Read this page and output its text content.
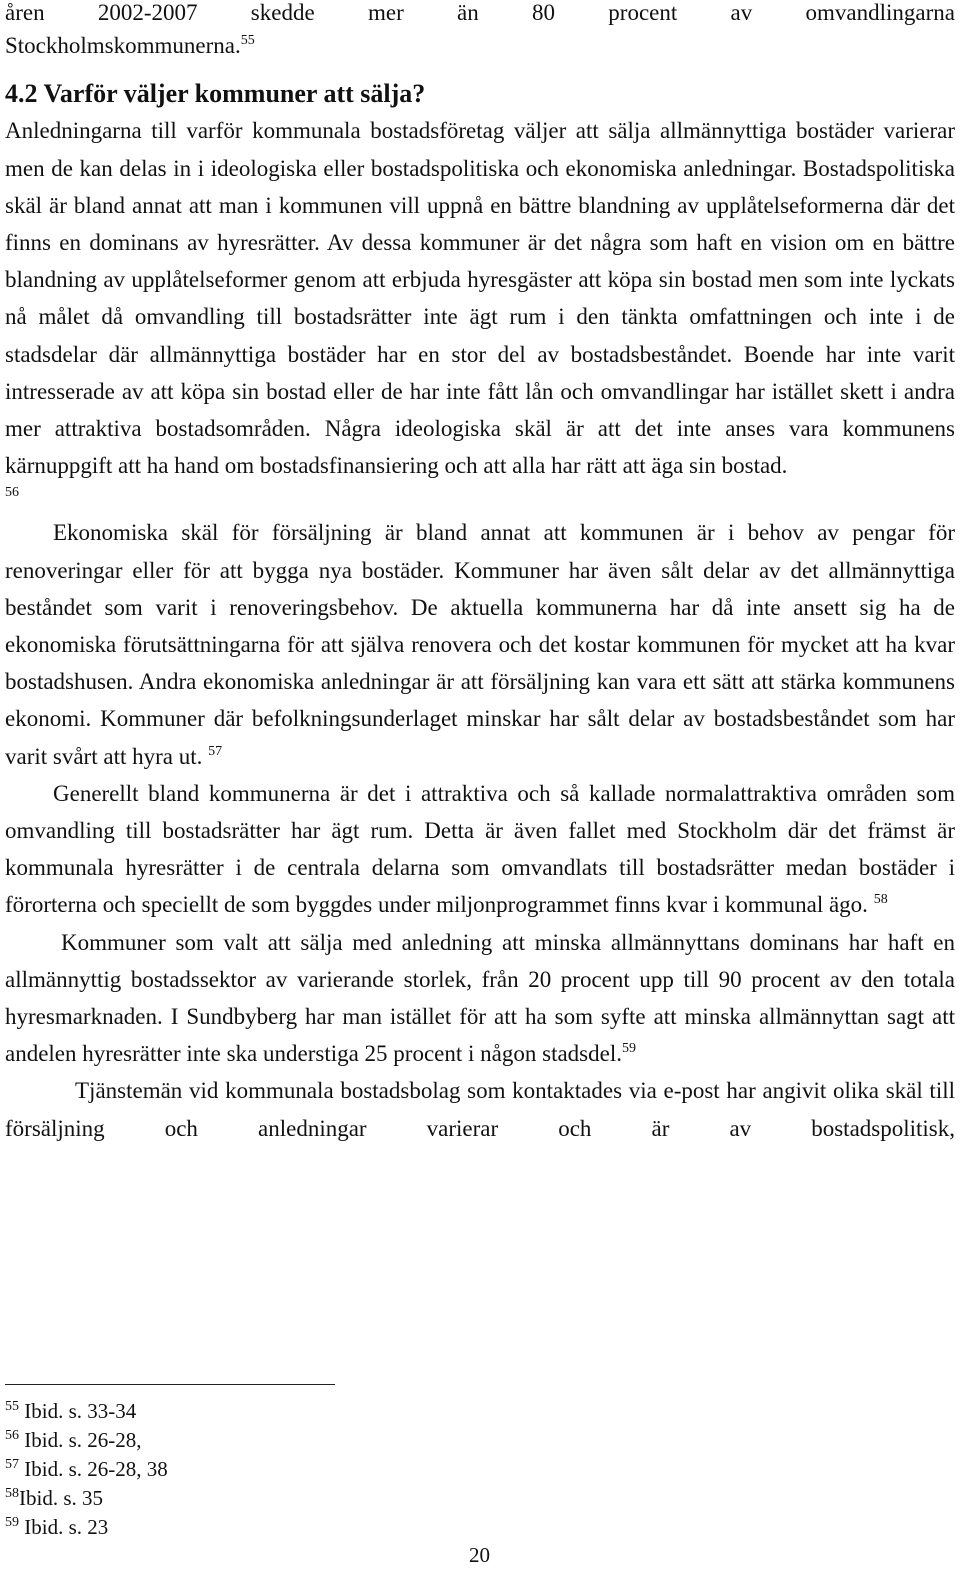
åren 2002-2007 skedde mer än 80 procent av omvandlingarna

Stockholmskommunerna.$^{55}$

4.2 Varför väljer kommuner att sälja?

Anledningarna till varför kommunala bostadsföretag väljer att sälja allmännyttiga bostäder varierar men de kan delas in i ideologiska eller bostadspolitiska och ekonomiska anledningar. Bostadspolitiska skäl är bland annat att man i kommunen vill uppnå en bättre blandning av upplåtelseformerna där det finns en dominans av hyresrätter. Av dessa kommuner är det några som haft en vision om en bättre blandning av upplåtelseformer genom att erbjuda hyresgäster att köpa sin bostad men som inte lyckats nå målet då omvandling till bostadsrätter inte ägt rum i den tänkta omfattningen och inte i de stadsdelar där allmännyttiga bostäder har en stor del av bostadsbeståndet. Boende har inte varit intresserade av att köpa sin bostad eller de har inte fått lån och omvandlingar har istället skett i andra mer attraktiva bostadsområden. Några ideologiska skäl är att det inte anses vara kommunens kärnuppgift att ha hand om bostadsfinansiering och att alla har rätt att äga sin bostad.

56

Ekonomiska skäl för försäljning är bland annat att kommunen är i behov av pengar för renoveringar eller för att bygga nya bostäder. Kommuner har även sålt delar av det allmännyttiga beståndet som varit i renoveringsbehov. De aktuella kommunerna har då inte ansett sig ha de ekonomiska förutsättningarna för att själva renovera och det kostar kommunen för mycket att ha kvar bostadshusen. Andra ekonomiska anledningar är att försäljning kan vara ett sätt att stärka kommunens ekonomi. Kommuner där befolkningsunderlaget minskar har sålt delar av bostadsbeståndet som har varit svårt att hyra ut. $^{57}$

Generellt bland kommunerna är det i attraktiva och så kallade normalattraktiva områden som omvandling till bostadsrätter har ägt rum. Detta är även fallet med Stockholm där det främst är kommunala hyresrätter i de centrala delarna som omvandlats till bostadsrätter medan bostäder i förorterna och speciellt de som byggdes under miljonprogrammet finns kvar i kommunal ägo. $^{58}$

Kommuner som valt att sälja med anledning att minska allmännyttans dominans har haft en allmännyttig bostadssektor av varierande storlek, från 20 procent upp till 90 procent av den totala hyresmarknaden. I Sundbyberg har man istället för att ha som syfte att minska allmännyttan sagt att andelen hyresrätter inte ska understiga 25 procent i någon stadsdel.$^{59}$

Tjänstemän vid kommunala bostadsbolag som kontaktades via e-post har angivit olika skäl till försäljning och anledningar varierar och är av bostadspolitisk,

$^{55}$ Ibid. s. 33-34
$^{56}$ Ibid. s. 26-28,
$^{57}$ Ibid. s. 26-28, 38
$^{58}$Ibid. s. 35
$^{59}$ Ibid. s. 23
20
